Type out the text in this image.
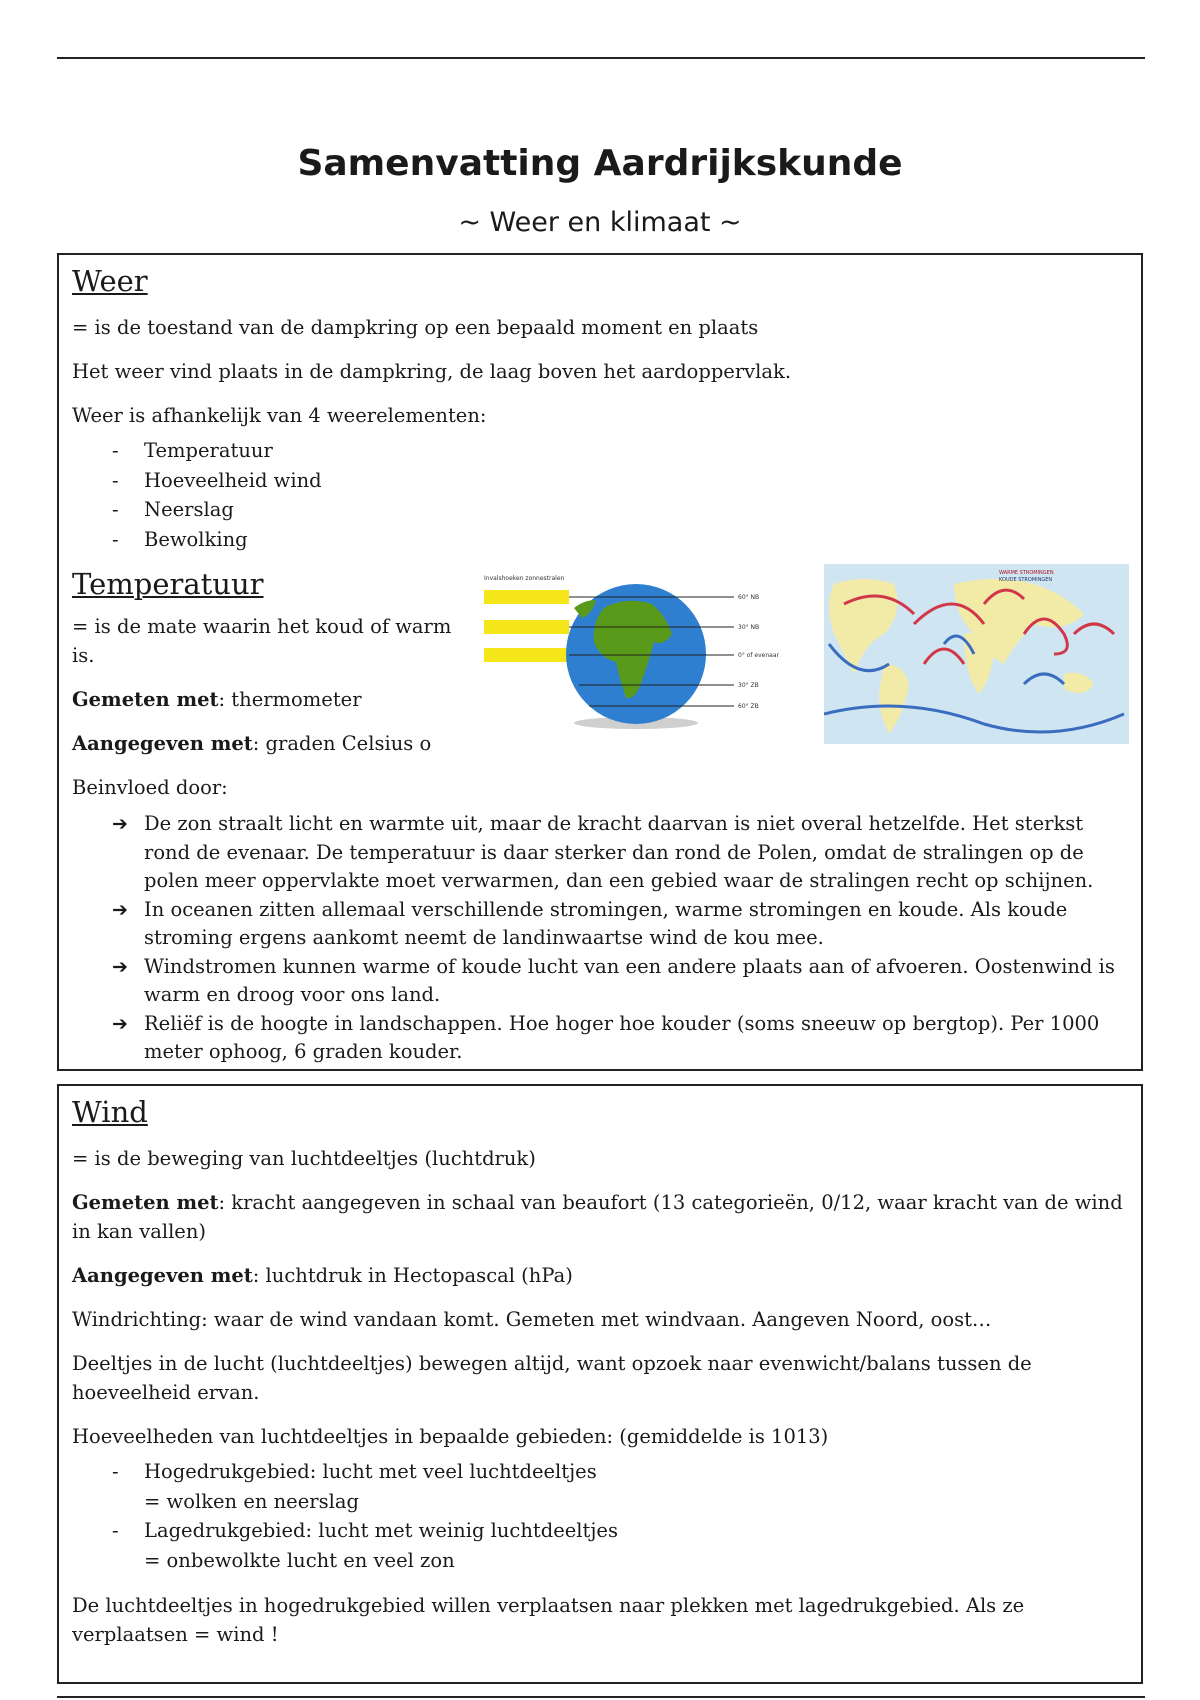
Samenvatting Aardrijkskunde
~ Weer en klimaat ~
Weer

= is de toestand van de dampkring op een bepaald moment en plaats

Het weer vind plaats in de dampkring, de laag boven het aardoppervlak.

Weer is afhankelijk van 4 weerelementen:

- Temperatuur
- Hoeveelheid wind
- Neerslag
- Bewolking
Temperatuur

= is de mate waarin het koud of warm is.

Gemeten met: thermometer

Aangegeven met: graden Celsius o

Beinvloed door:

Invalshoeken zonnestralen
60° NB
30° NB
0° of evenaar
30° ZB
60° ZB
WARME STROMINGEN
KOUDE STROMINGEN
➔ De zon straalt licht en warmte uit, maar de kracht daarvan is niet overal hetzelfde. Het sterkst rond de evenaar. De temperatuur is daar sterker dan rond de Polen, omdat de stralingen op de polen meer oppervlakte moet verwarmen, dan een gebied waar de stralingen recht op schijnen.
➔ In oceanen zitten allemaal verschillende stromingen, warme stromingen en koude. Als koude stroming ergens aankomt neemt de landinwaartse wind de kou mee.
➔ Windstromen kunnen warme of koude lucht van een andere plaats aan of afvoeren. Oostenwind is warm en droog voor ons land.
➔ Reliëf is de hoogte in landschappen. Hoe hoger hoe kouder (soms sneeuw op bergtop). Per 1000 meter ophoog, 6 graden kouder.
Wind

= is de beweging van luchtdeeltjes (luchtdruk)

Gemeten met: kracht aangegeven in schaal van beaufort (13 categorieën, 0/12, waar kracht van de wind in kan vallen)

Aangegeven met: luchtdruk in Hectopascal (hPa)

Windrichting: waar de wind vandaan komt. Gemeten met windvaan. Aangeven Noord, oost…

Deeltjes in de lucht (luchtdeeltjes) bewegen altijd, want opzoek naar evenwicht/balans tussen de hoeveelheid ervan.

Hoeveelheden van luchtdeeltjes in bepaalde gebieden: (gemiddelde is 1013)

- Hogedrukgebied: lucht met veel luchtdeeltjes
= wolken en neerslag
- Lagedrukgebied: lucht met weinig luchtdeeltjes
= onbewolkte lucht en veel zon

De luchtdeeltjes in hogedrukgebied willen verplaatsen naar plekken met lagedrukgebied. Als ze verplaatsen = wind !
